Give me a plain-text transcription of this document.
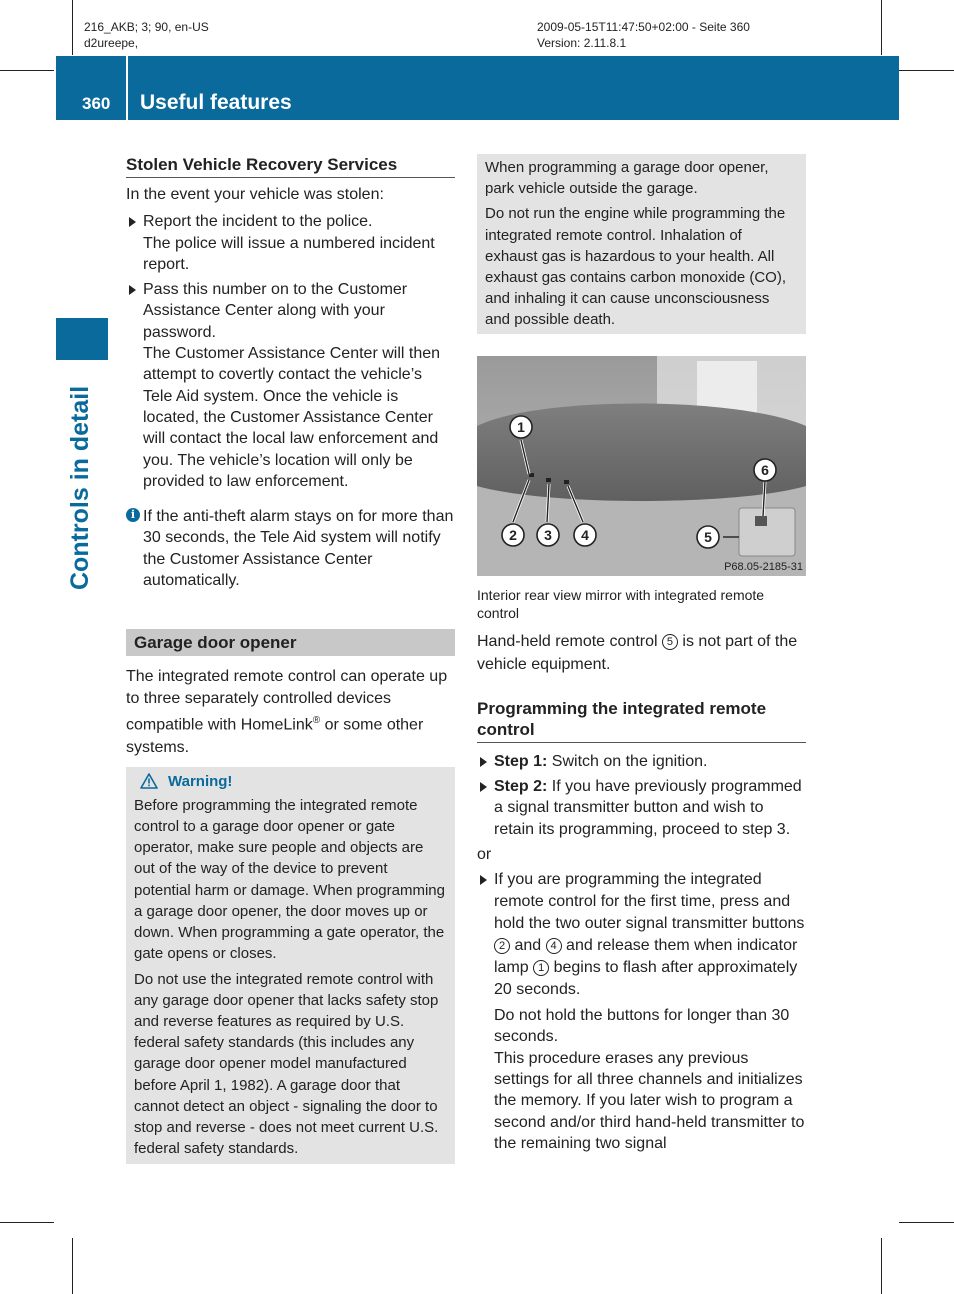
216_AKB; 3; 90, en-US
d2ureepe,
2009-05-15T11:47:50+02:00 - Seite 360
Version: 2.11.8.1
360 Useful features
Controls in detail
Stolen Vehicle Recovery Services

In the event your vehicle was stolen:

Report the incident to the police.

The police will issue a numbered incident report.

Pass this number on to the Customer Assistance Center along with your password.

The Customer Assistance Center will then attempt to covertly contact the vehicle’s Tele Aid system. Once the vehicle is located, the Customer Assistance Center will contact the local law enforcement and you. The vehicle’s location will only be provided to law enforcement.

i If the anti-theft alarm stays on for more than 30 seconds, the Tele Aid system will notify the Customer Assistance Center automatically.

Garage door opener

The integrated remote control can operate up to three separately controlled devices compatible with HomeLink® or some other systems.

Warning!

Before programming the integrated remote control to a garage door opener or gate operator, make sure people and objects are out of the way of the device to prevent potential harm or damage. When programming a garage door opener, the door moves up or down. When programming a gate operator, the gate opens or closes.

Do not use the integrated remote control with any garage door opener that lacks safety stop and reverse features as required by U.S. federal safety standards (this includes any garage door opener model manufactured before April 1, 1982). A garage door that cannot detect an object - signaling the door to stop and reverse - does not meet current U.S. federal safety standards.

When programming a garage door opener, park vehicle outside the garage.

Do not run the engine while programming the integrated remote control. Inhalation of exhaust gas is hazardous to your health. All exhaust gas contains carbon monoxide (CO), and inhaling it can cause unconsciousness and possible death.

1
2 3 4	5
6
P68.05-2185-31

Interior rear view mirror with integrated remote control

Hand-held remote control 5 is not part of the vehicle equipment.

Programming the integrated remote control

Step 1: Switch on the ignition.

Step 2: If you have previously programmed a signal transmitter button and wish to retain its programming, proceed to step 3.

or

If you are programming the integrated remote control for the first time, press and hold the two outer signal transmitter buttons 2 and 4 and release them when indicator lamp 1 begins to flash after approximately 20 seconds.

Do not hold the buttons for longer than 30 seconds.

This procedure erases any previous settings for all three channels and initializes the memory. If you later wish to program a second and/or third hand-held transmitter to the remaining two signal
